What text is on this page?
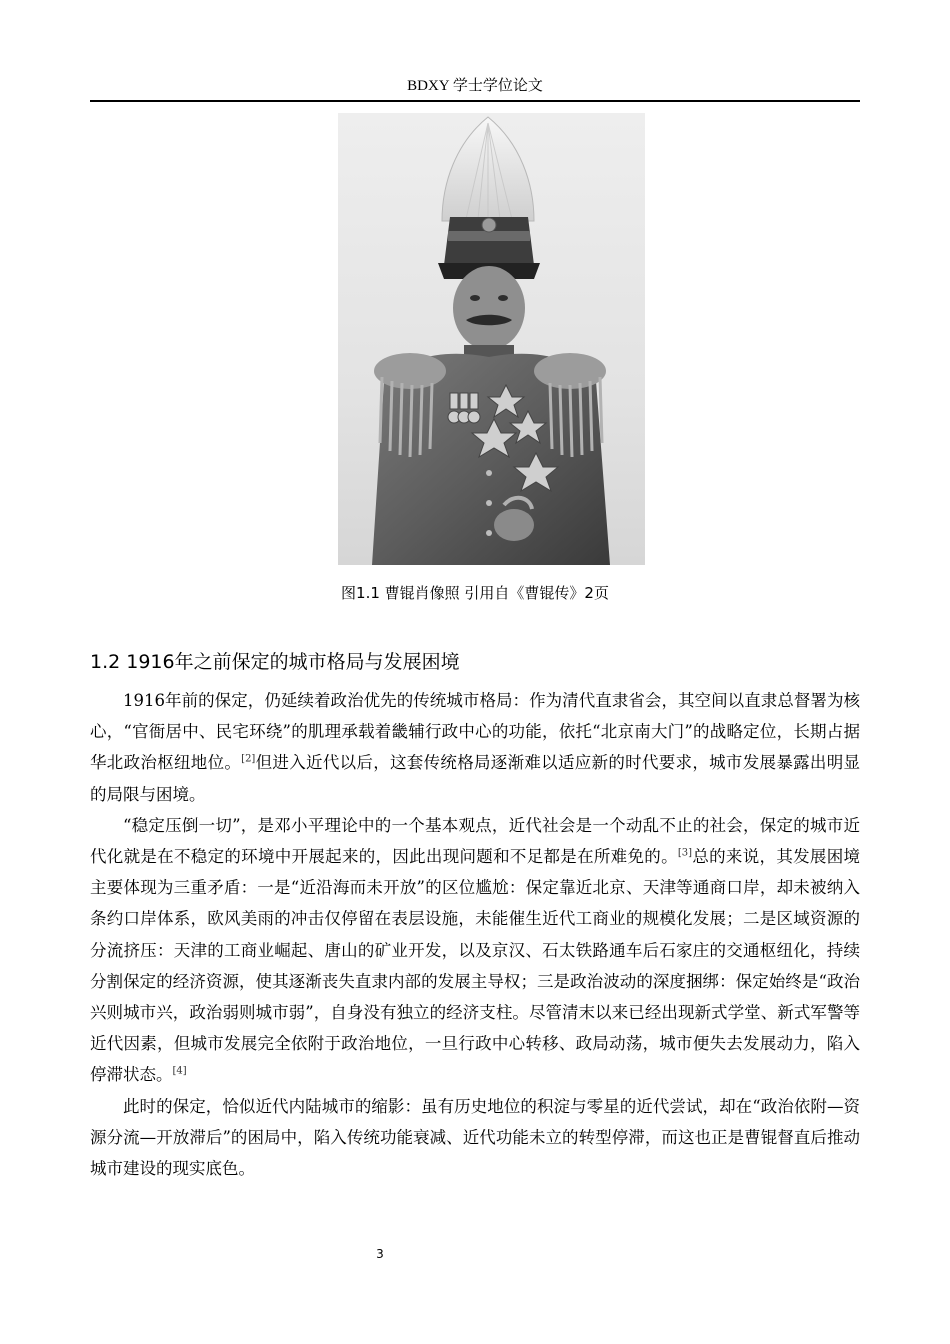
BDXY 学士学位论文
图1.1 曹锟肖像照 引用自《曹锟传》2页
1.2 1916年之前保定的城市格局与发展困境

1916年前的保定，仍延续着政治优先的传统城市格局：作为清代直隶省会，其空间以直隶总督署为核心，“官衙居中、民宅环绕”的肌理承载着畿辅行政中心的功能，依托“北京南大门”的战略定位，长期占据华北政治枢纽地位。[2]但进入近代以后，这套传统格局逐渐难以适应新的时代要求，城市发展暴露出明显的局限与困境。

“稳定压倒一切”，是邓小平理论中的一个基本观点，近代社会是一个动乱不止的社会，保定的城市近代化就是在不稳定的环境中开展起来的，因此出现问题和不足都是在所难免的。[3]总的来说，其发展困境主要体现为三重矛盾：一是“近沿海而未开放”的区位尴尬：保定靠近北京、天津等通商口岸，却未被纳入条约口岸体系，欧风美雨的冲击仅停留在表层设施，未能催生近代工商业的规模化发展；二是区域资源的分流挤压：天津的工商业崛起、唐山的矿业开发，以及京汉、石太铁路通车后石家庄的交通枢纽化，持续分割保定的经济资源，使其逐渐丧失直隶内部的发展主导权；三是政治波动的深度捆绑：保定始终是“政治兴则城市兴，政治弱则城市弱”，自身没有独立的经济支柱。尽管清末以来已经出现新式学堂、新式军警等近代因素，但城市发展完全依附于政治地位，一旦行政中心转移、政局动荡，城市便失去发展动力，陷入停滞状态。[4]

此时的保定，恰似近代内陆城市的缩影：虽有历史地位的积淀与零星的近代尝试，却在“政治依附—资源分流—开放滞后”的困局中，陷入传统功能衰减、近代功能未立的转型停滞，而这也正是曹锟督直后推动城市建设的现实底色。

3
